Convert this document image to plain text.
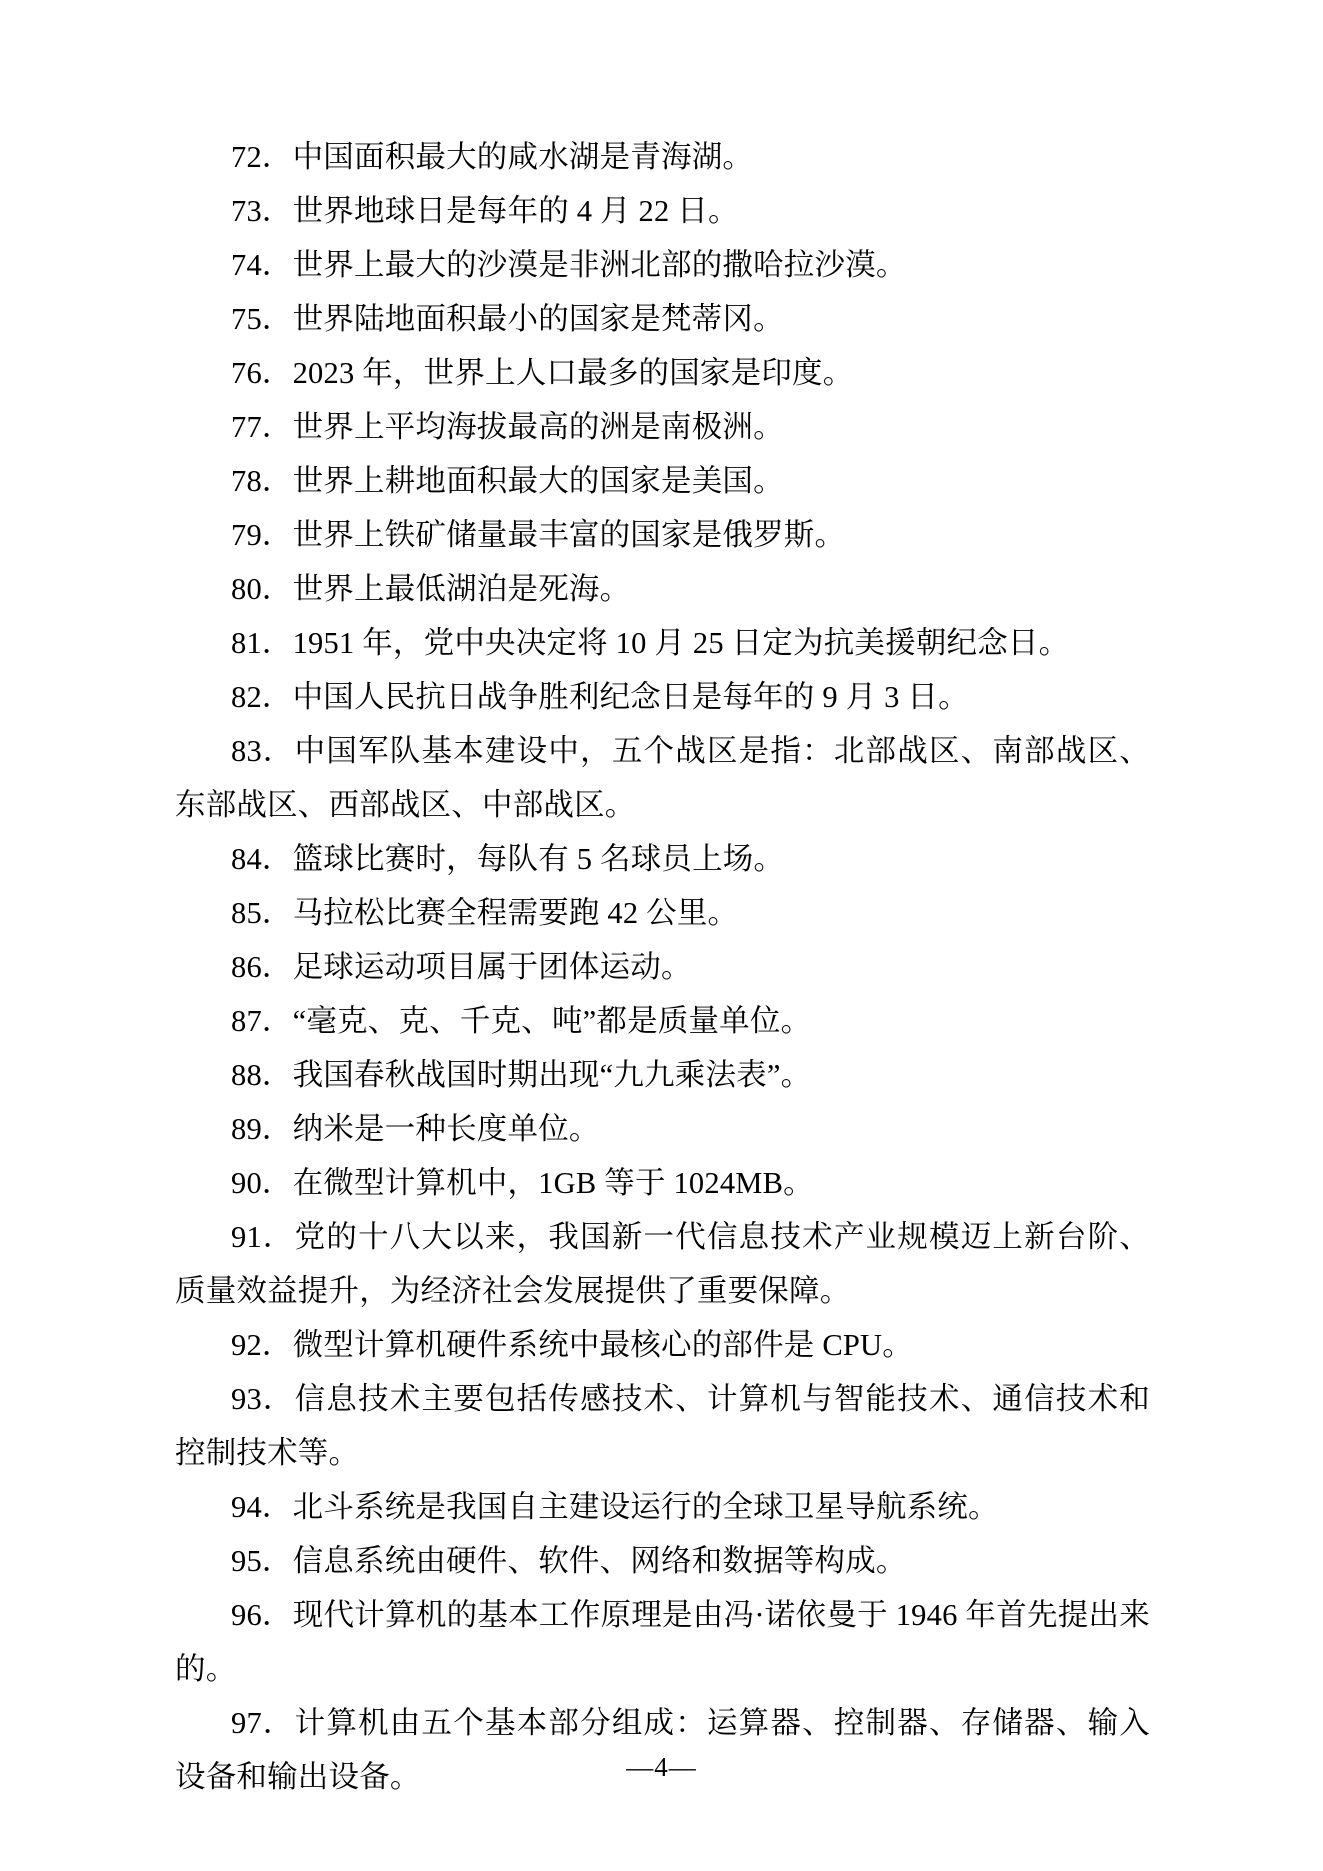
72．中国面积最大的咸水湖是青海湖。

73．世界地球日是每年的 4 月 22 日。

74．世界上最大的沙漠是非洲北部的撒哈拉沙漠。

75．世界陆地面积最小的国家是梵蒂冈。

76．2023 年，世界上人口最多的国家是印度。

77．世界上平均海拔最高的洲是南极洲。

78．世界上耕地面积最大的国家是美国。

79．世界上铁矿储量最丰富的国家是俄罗斯。

80．世界上最低湖泊是死海。

81．1951 年，党中央决定将 10 月 25 日定为抗美援朝纪念日。

82．中国人民抗日战争胜利纪念日是每年的 9 月 3 日。

83．中国军队基本建设中，五个战区是指：北部战区、南部战区、东部战区、西部战区、中部战区。

84．篮球比赛时，每队有 5 名球员上场。

85．马拉松比赛全程需要跑 42 公里。

86．足球运动项目属于团体运动。

87．“毫克、克、千克、吨”都是质量单位。

88．我国春秋战国时期出现“九九乘法表”。

89．纳米是一种长度单位。

90．在微型计算机中，1GB 等于 1024MB。

91．党的十八大以来，我国新一代信息技术产业规模迈上新台阶、质量效益提升，为经济社会发展提供了重要保障。

92．微型计算机硬件系统中最核心的部件是 CPU。

93．信息技术主要包括传感技术、计算机与智能技术、通信技术和控制技术等。

94．北斗系统是我国自主建设运行的全球卫星导航系统。

95．信息系统由硬件、软件、网络和数据等构成。

96．现代计算机的基本工作原理是由冯·诺依曼于 1946 年首先提出来的。

97．计算机由五个基本部分组成：运算器、控制器、存储器、输入设备和输出设备。	—4—
